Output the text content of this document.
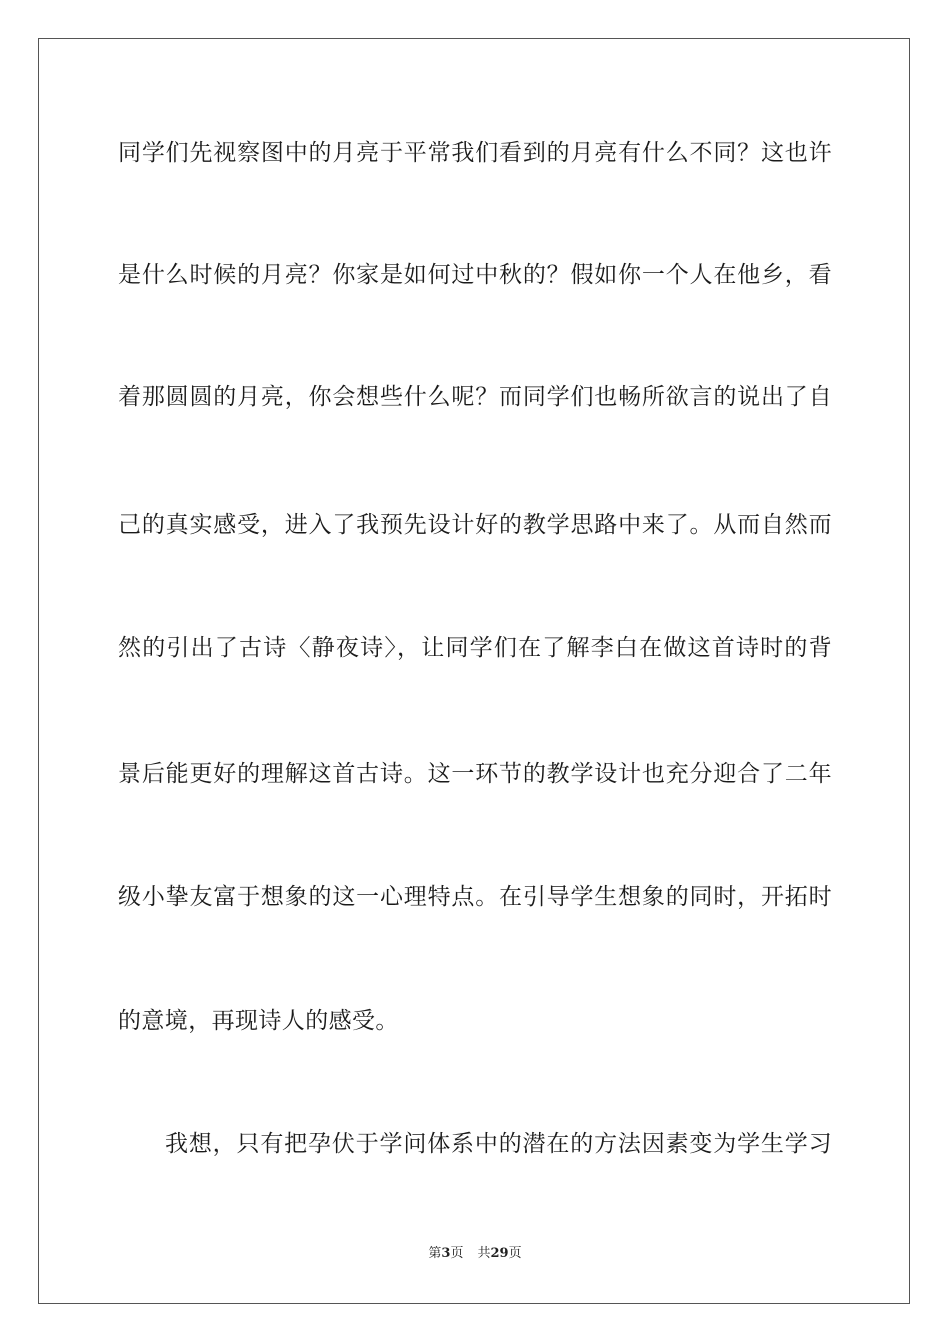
同学们先视察图中的月亮于平常我们看到的月亮有什么不同？这也许
是什么时候的月亮？你家是如何过中秋的？假如你一个人在他乡，看
着那圆圆的月亮，你会想些什么呢？而同学们也畅所欲言的说出了自
己的真实感受，进入了我预先设计好的教学思路中来了。从而自然而
然的引出了古诗〈静夜诗〉，让同学们在了解李白在做这首诗时的背
景后能更好的理解这首古诗。这一环节的教学设计也充分迎合了二年
级小挚友富于想象的这一心理特点。在引导学生想象的同时，开拓时
的意境，再现诗人的感受。
我想，只有把孕伏于学问体系中的潜在的方法因素变为学生学习
第3页 共29页
